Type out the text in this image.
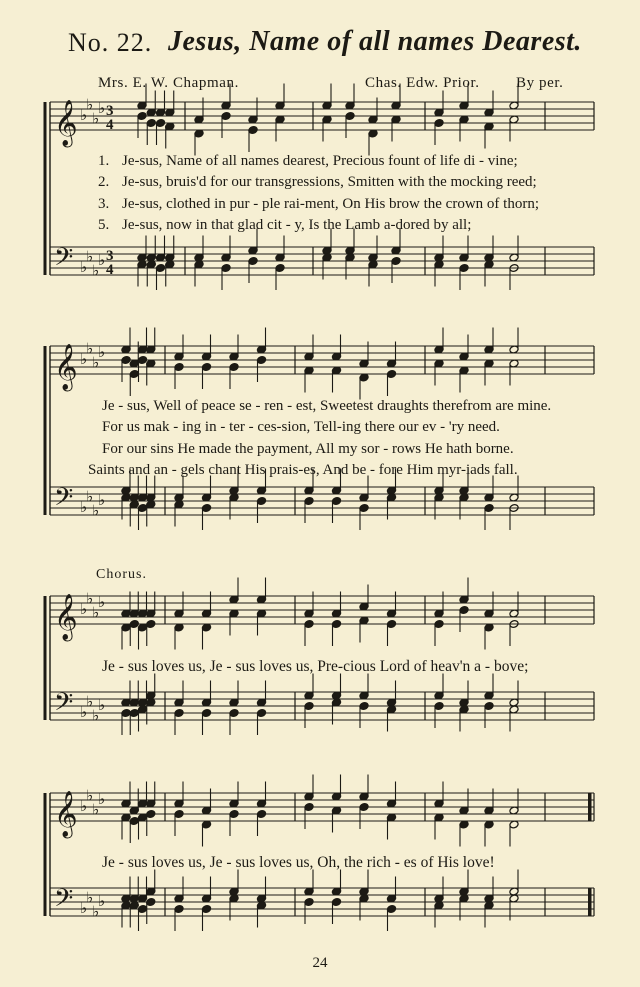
No. 22. Jesus, Name of all names Dearest.
Mrs. E. W. Chapman.	Chas. Edw. Prior. By per.
𝄞
𝄢
♭
♭
♭
♭
♭
♭
♭
♭
3
4
3
4
𝄞
𝄢
♭
♭
♭
♭
♭
♭
♭
♭
𝄞
𝄢
♭
♭
♭
♭
♭
♭
♭
♭
𝄞
𝄢
♭
♭
♭
♭
♭
♭
♭
♭
1. Je-sus, Name of all names dearest, Precious fount of life di - vine;
2. Je-sus, bruis'd for our transgressions, Smitten with the mocking reed;
3. Je-sus, clothed in pur - ple rai-ment, On His brow the crown of thorn;
5. Je-sus, now in that glad cit - y, Is the Lamb a-dored by all;
Je - sus, Well of peace se - ren - est, Sweetest draughts therefrom are mine.
For us mak - ing in - ter - ces-sion, Tell-ing there our ev - 'ry need.
For our sins He made the payment, All my sor - rows He hath borne.
Saints and an - gels chant His prais-es, And be - fore Him myr-iads fall.
Chorus.
Je - sus loves us, Je - sus loves us, Pre-cious Lord of heav'n a - bove;
Je - sus loves us, Je - sus loves us, Oh, the rich - es of His love!
24
